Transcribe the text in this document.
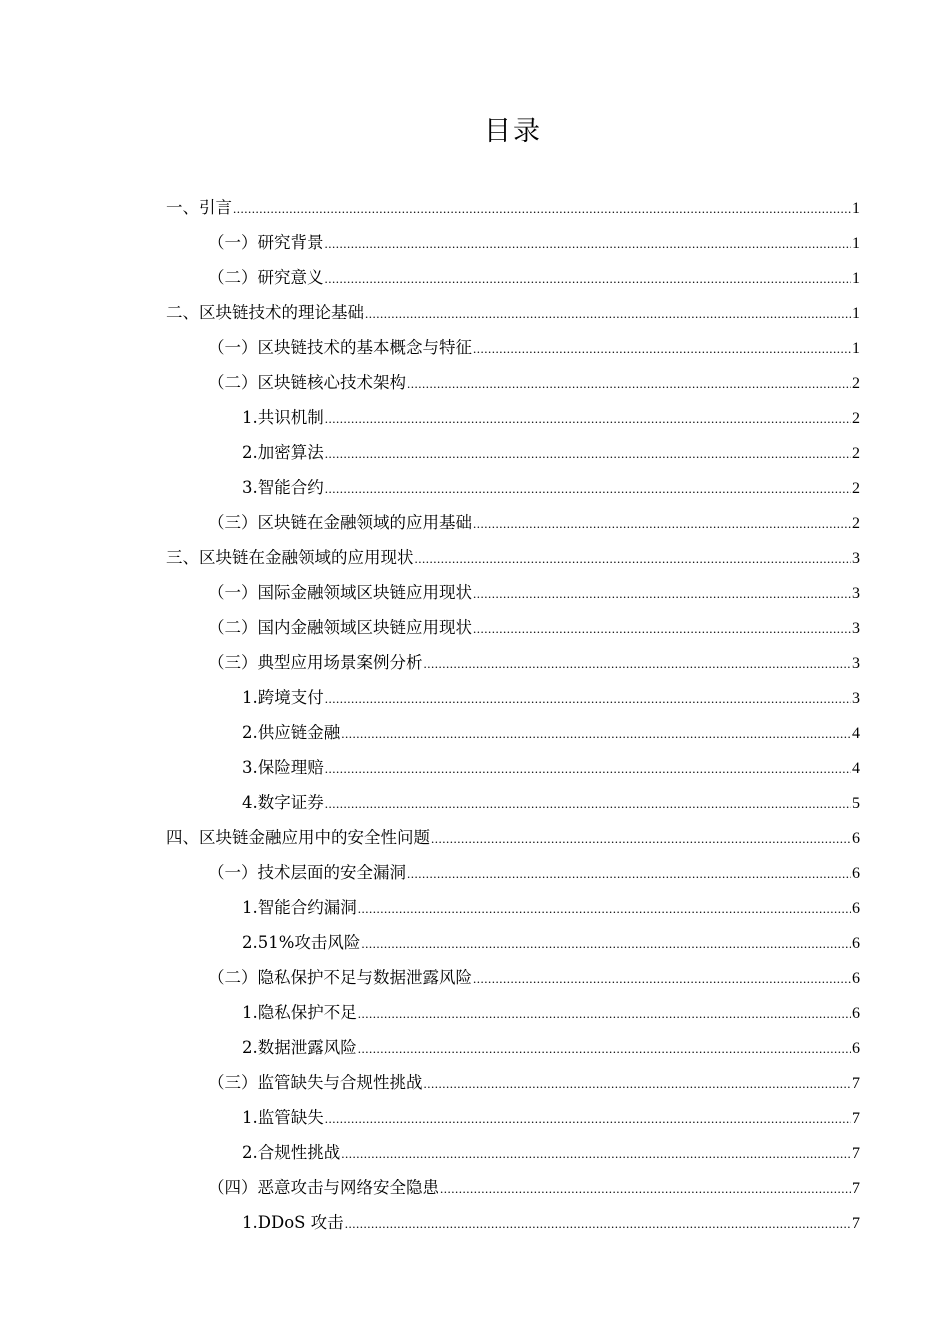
目录
一、引言 .....	1
（一）研究背景 .....	1
（二）研究意义 .....	1
二、区块链技术的理论基础 .....	1
（一）区块链技术的基本概念与特征 .....	1
（二）区块链核心技术架构 .....	2
1.共识机制 .....	2
2.加密算法 .....	2
3.智能合约 .....	2
（三）区块链在金融领域的应用基础 .....	2
三、区块链在金融领域的应用现状 .....	3
（一）国际金融领域区块链应用现状 .....	3
（二）国内金融领域区块链应用现状 .....	3
（三）典型应用场景案例分析 .....	3
1.跨境支付 .....	3
2.供应链金融 .....	4
3.保险理赔 .....	4
4.数字证券 .....	5
四、区块链金融应用中的安全性问题 .....	6
（一）技术层面的安全漏洞 .....	6
1.智能合约漏洞 .....	6
2.51%攻击风险 .....	6
（二）隐私保护不足与数据泄露风险 .....	6
1.隐私保护不足 .....	6
2.数据泄露风险 .....	6
（三）监管缺失与合规性挑战 .....	7
1.监管缺失 .....	7
2.合规性挑战 .....	7
（四）恶意攻击与网络安全隐患 .....	7
1.DDoS 攻击 .....	7
